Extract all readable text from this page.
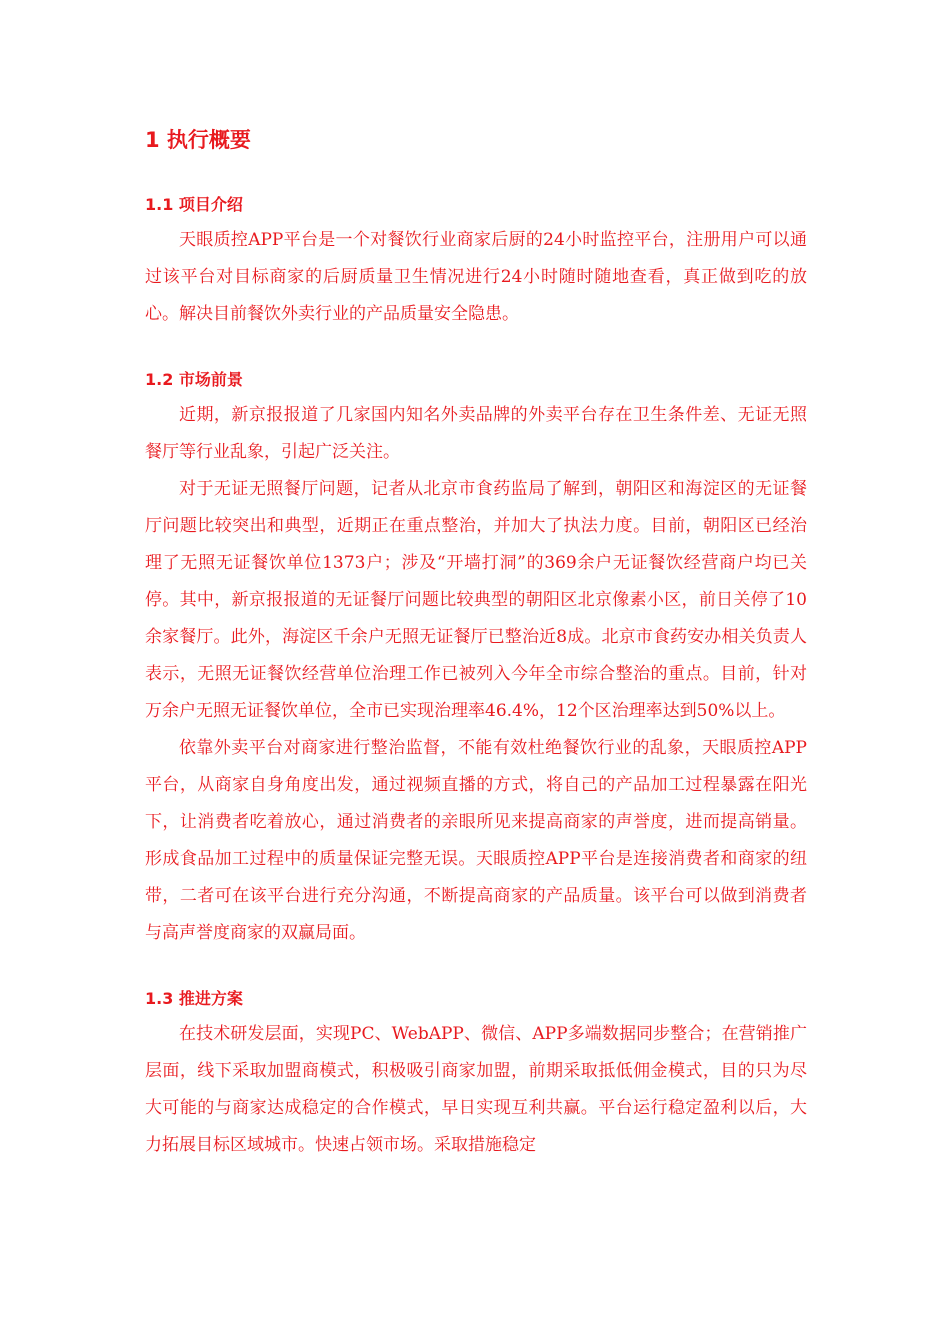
1 执行概要
1.1 项目介绍

天眼质控APP平台是一个对餐饮行业商家后厨的24小时监控平台，注册用户可以通过该平台对目标商家的后厨质量卫生情况进行24小时随时随地查看，真正做到吃的放心。解决目前餐饮外卖行业的产品质量安全隐患。

1.2 市场前景

近期，新京报报道了几家国内知名外卖品牌的外卖平台存在卫生条件差、无证无照餐厅等行业乱象，引起广泛关注。

对于无证无照餐厅问题，记者从北京市食药监局了解到，朝阳区和海淀区的无证餐厅问题比较突出和典型，近期正在重点整治，并加大了执法力度。目前，朝阳区已经治理了无照无证餐饮单位1373户；涉及“开墙打洞”的369余户无证餐饮经营商户均已关停。其中，新京报报道的无证餐厅问题比较典型的朝阳区北京像素小区，前日关停了10余家餐厅。此外，海淀区千余户无照无证餐厅已整治近8成。北京市食药安办相关负责人表示，无照无证餐饮经营单位治理工作已被列入今年全市综合整治的重点。目前，针对万余户无照无证餐饮单位，全市已实现治理率46.4%，12个区治理率达到50%以上。

依靠外卖平台对商家进行整治监督，不能有效杜绝餐饮行业的乱象，天眼质控APP平台，从商家自身角度出发，通过视频直播的方式，将自己的产品加工过程暴露在阳光下，让消费者吃着放心，通过消费者的亲眼所见来提高商家的声誉度，进而提高销量。形成食品加工过程中的质量保证完整无误。天眼质控APP平台是连接消费者和商家的纽带，二者可在该平台进行充分沟通，不断提高商家的产品质量。该平台可以做到消费者与高声誉度商家的双赢局面。

1.3 推进方案

在技术研发层面，实现PC、WebAPP、微信、APP多端数据同步整合；在营销推广层面，线下采取加盟商模式，积极吸引商家加盟，前期采取抵低佣金模式，目的只为尽大可能的与商家达成稳定的合作模式，早日实现互利共赢。平台运行稳定盈利以后，大力拓展目标区域城市。快速占领市场。采取措施稳定
